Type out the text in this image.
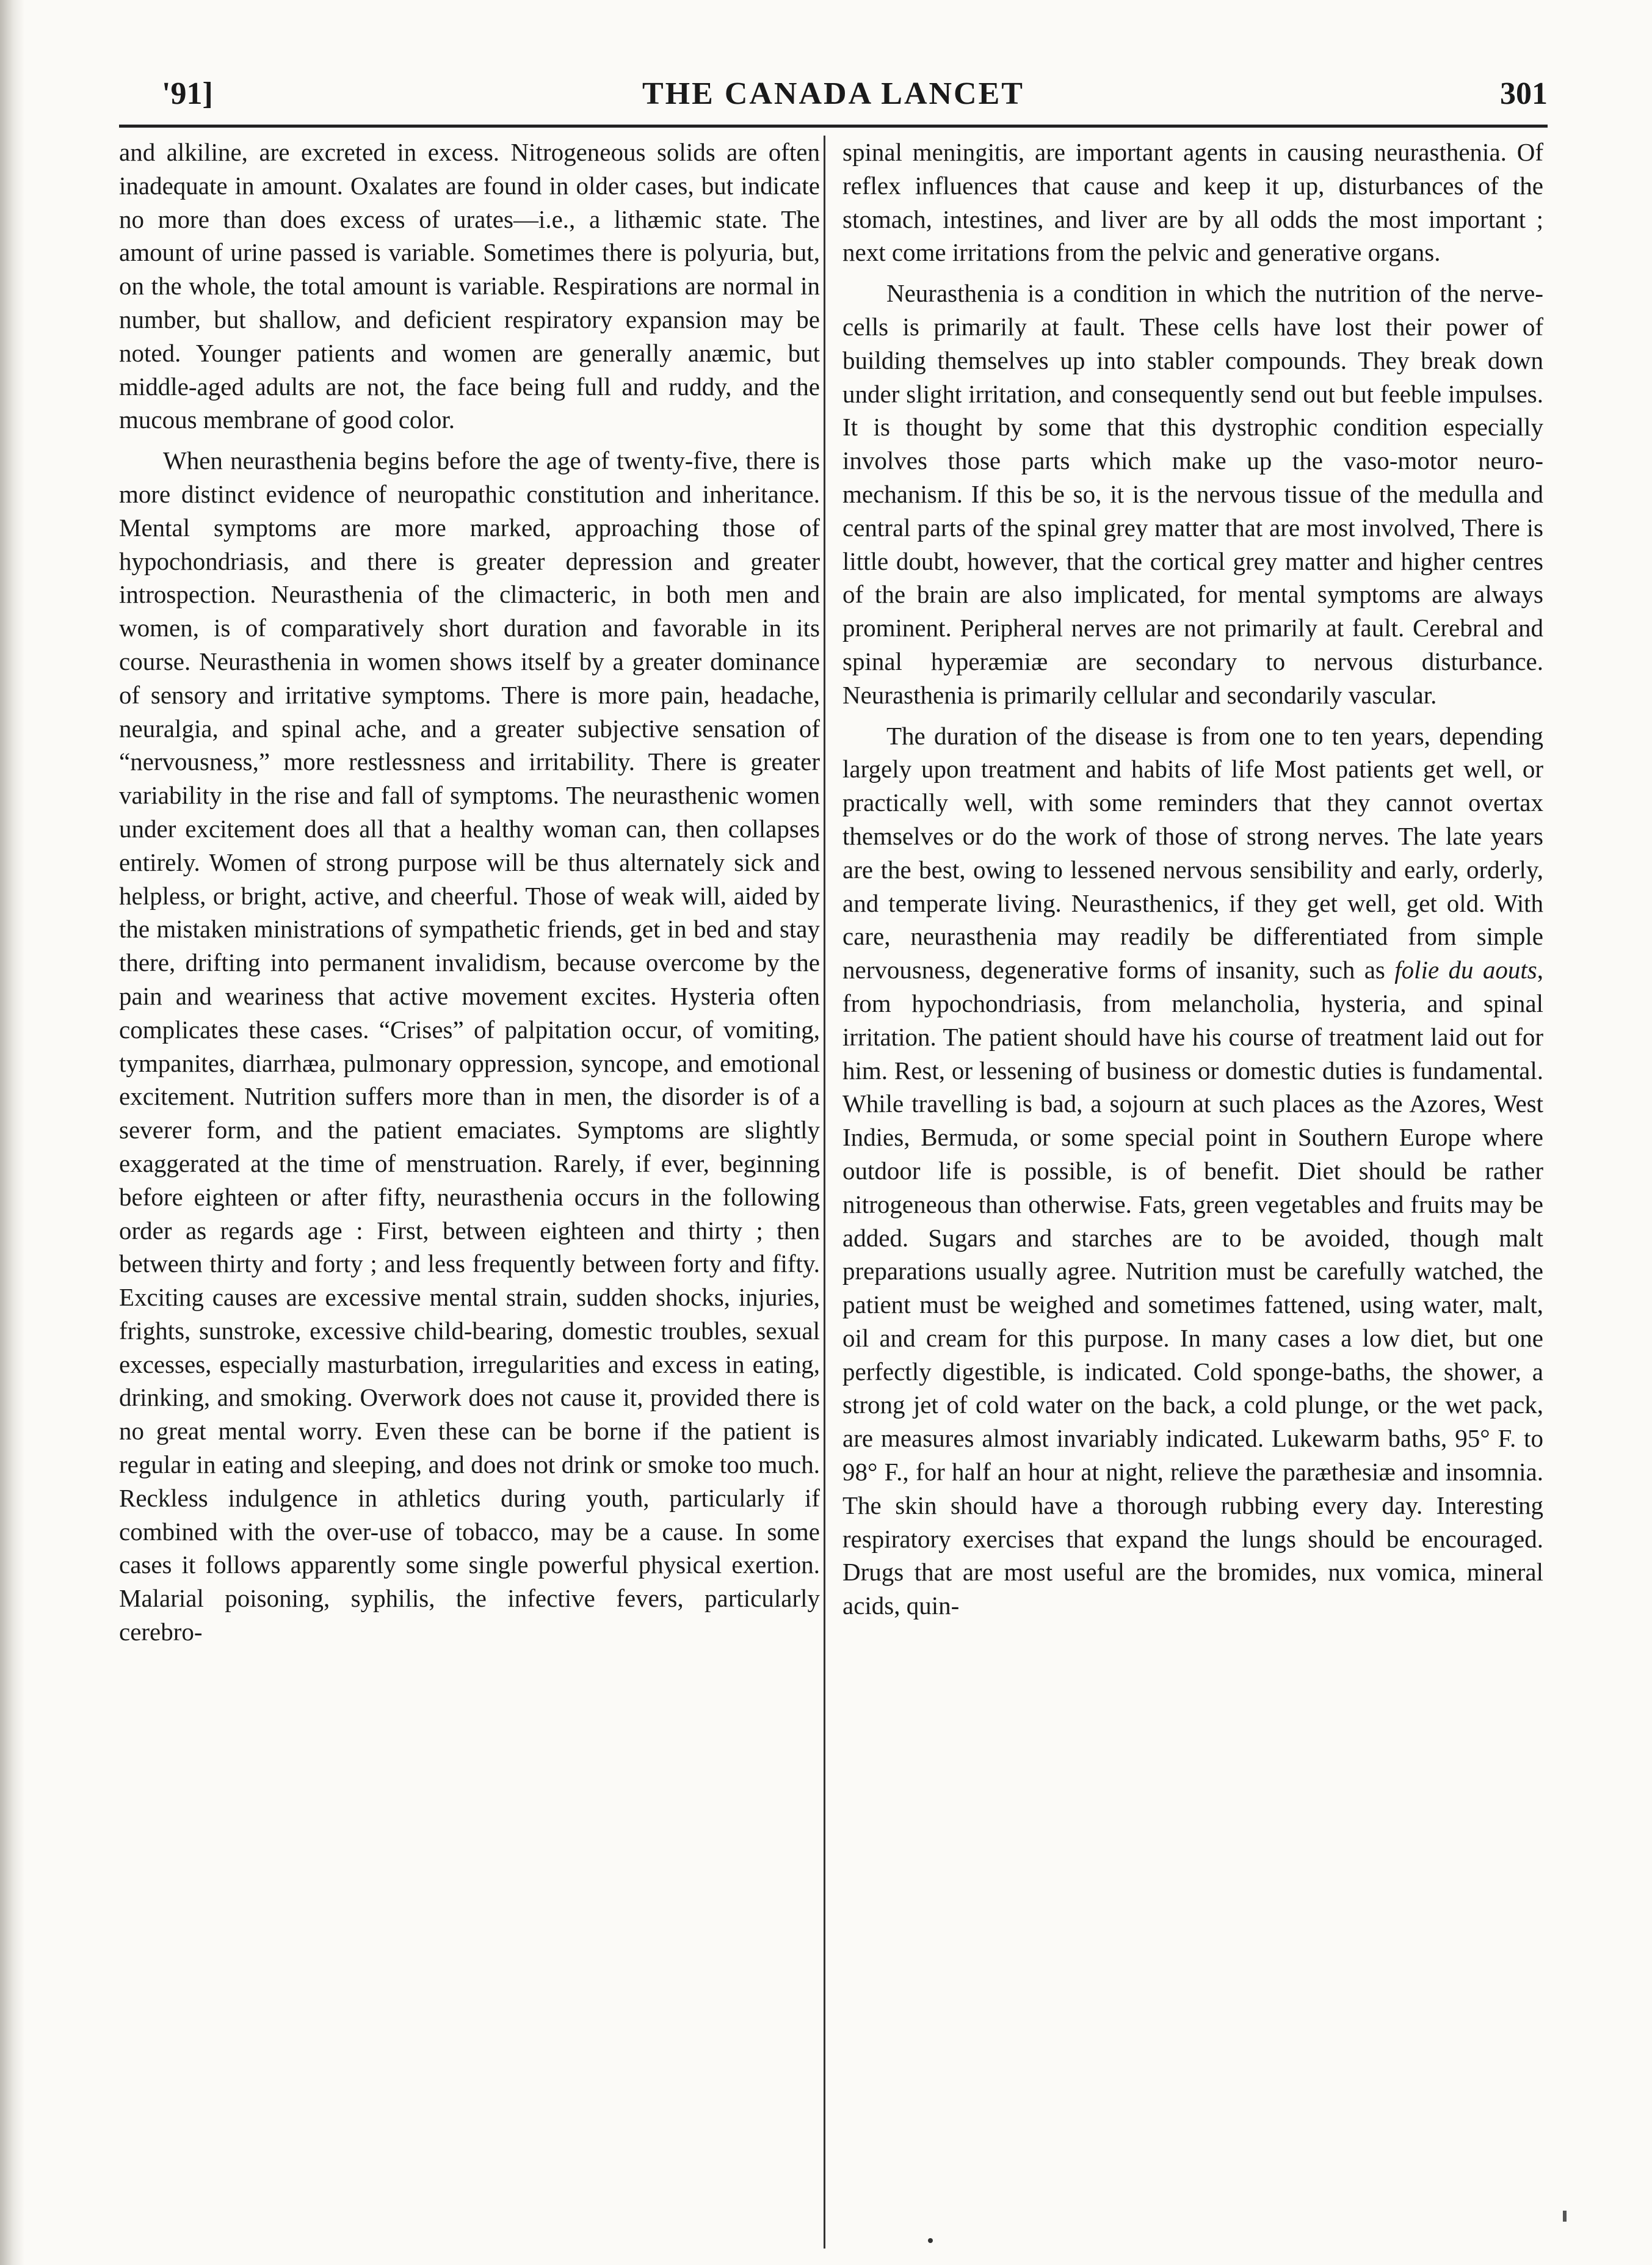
'91]	THE CANADA LANCET	301

and alkiline, are excreted in excess. Nitrogeneous solids are often inadequate in amount. Oxalates are found in older cases, but indicate no more than does excess of urates—i.e., a lithæmic state. The amount of urine passed is variable. Sometimes there is polyuria, but, on the whole, the total amount is variable. Respirations are normal in number, but shallow, and deficient respiratory expansion may be noted. Younger patients and women are generally anæmic, but middle-aged adults are not, the face being full and ruddy, and the mucous membrane of good color.

When neurasthenia begins before the age of twenty-five, there is more distinct evidence of neuropathic constitution and inheritance. Mental symptoms are more marked, approaching those of hypochondriasis, and there is greater depression and greater introspection. Neurasthenia of the climacteric, in both men and women, is of comparatively short duration and favorable in its course. Neurasthenia in women shows itself by a greater dominance of sensory and irritative symptoms. There is more pain, headache, neuralgia, and spinal ache, and a greater subjective sensation of “nervousness,” more restlessness and irritability. There is greater variability in the rise and fall of symptoms. The neurasthenic women under excitement does all that a healthy woman can, then collapses entirely. Women of strong purpose will be thus alternately sick and helpless, or bright, active, and cheerful. Those of weak will, aided by the mistaken ministrations of sympathetic friends, get in bed and stay there, drifting into permanent invalidism, because overcome by the pain and weariness that active movement excites. Hysteria often complicates these cases. “Crises” of palpitation occur, of vomiting, tympanites, diarrhæa, pulmonary oppression, syncope, and emotional excitement. Nutrition suffers more than in men, the disorder is of a severer form, and the patient emaciates. Symptoms are slightly exaggerated at the time of menstruation. Rarely, if ever, beginning before eighteen or after fifty, neurasthenia occurs in the following order as regards age : First, between eighteen and thirty ; then between thirty and forty ; and less frequently between forty and fifty. Exciting causes are excessive mental strain, sudden shocks, injuries, frights, sunstroke, excessive child-bearing, domestic troubles, sexual excesses, especially masturbation, irregularities and excess in eating, drinking, and smoking. Overwork does not cause it, provided there is no great mental worry. Even these can be borne if the patient is regular in eating and sleeping, and does not drink or smoke too much. Reckless indulgence in athletics during youth, particularly if combined with the over-use of tobacco, may be a cause. In some cases it follows apparently some single powerful physical exertion. Malarial poisoning, syphilis, the infective fevers, particularly cerebro-

spinal meningitis, are important agents in causing neurasthenia. Of reflex influences that cause and keep it up, disturbances of the stomach, intestines, and liver are by all odds the most important ; next come irritations from the pelvic and generative organs.

Neurasthenia is a condition in which the nutrition of the nerve-cells is primarily at fault. These cells have lost their power of building themselves up into stabler compounds. They break down under slight irritation, and consequently send out but feeble impulses. It is thought by some that this dystrophic condition especially involves those parts which make up the vaso-motor neuro-mechanism. If this be so, it is the nervous tissue of the medulla and central parts of the spinal grey matter that are most involved, There is little doubt, however, that the cortical grey matter and higher centres of the brain are also implicated, for mental symptoms are always prominent. Peripheral nerves are not primarily at fault. Cerebral and spinal hyperæmiæ are secondary to nervous disturbance. Neurasthenia is primarily cellular and secondarily vascular.

The duration of the disease is from one to ten years, depending largely upon treatment and habits of life Most patients get well, or practically well, with some reminders that they cannot overtax themselves or do the work of those of strong nerves. The late years are the best, owing to lessened nervous sensibility and early, orderly, and temperate living. Neurasthenics, if they get well, get old. With care, neurasthenia may readily be differentiated from simple nervousness, degenerative forms of insanity, such as folie du aouts, from hypochondriasis, from melancholia, hysteria, and spinal irritation. The patient should have his course of treatment laid out for him. Rest, or lessening of business or domestic duties is fundamental. While travelling is bad, a sojourn at such places as the Azores, West Indies, Bermuda, or some special point in Southern Europe where outdoor life is possible, is of benefit. Diet should be rather nitrogeneous than otherwise. Fats, green vegetables and fruits may be added. Sugars and starches are to be avoided, though malt preparations usually agree. Nutrition must be carefully watched, the patient must be weighed and sometimes fattened, using water, malt, oil and cream for this purpose. In many cases a low diet, but one perfectly digestible, is indicated. Cold sponge-baths, the shower, a strong jet of cold water on the back, a cold plunge, or the wet pack, are measures almost invariably indicated. Lukewarm baths, 95° F. to 98° F., for half an hour at night, relieve the paræthesiæ and insomnia. The skin should have a thorough rubbing every day. Interesting respiratory exercises that expand the lungs should be encouraged. Drugs that are most useful are the bromides, nux vomica, mineral acids, quin-
